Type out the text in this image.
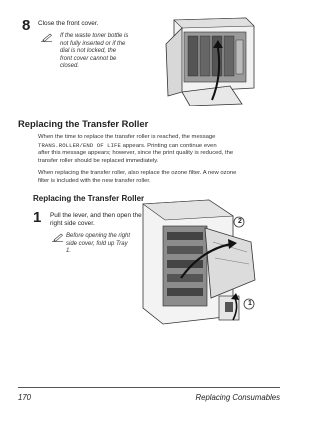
8 Close the front cover.
If the waste toner bottle is
not fully inserted or if the
dial is not locked, the
front cover cannot be
closed.
Replacing the Transfer Roller
When the time to replace the transfer roller is reached, the message
TRANS.ROLLER/END OF LIFE appears. Printing can continue even
after this message appears; however, since the print quality is reduced, the
transfer roller should be replaced immediately.
When replacing the transfer roller, also replace the ozone filter. A new ozone
filter is included with the new transfer roller.
Replacing the Transfer Roller
1 Pull the lever, and then open the
right side cover.
Before opening the right
side cover, fold up Tray
1.
2
1
170	Replacing Consumables
